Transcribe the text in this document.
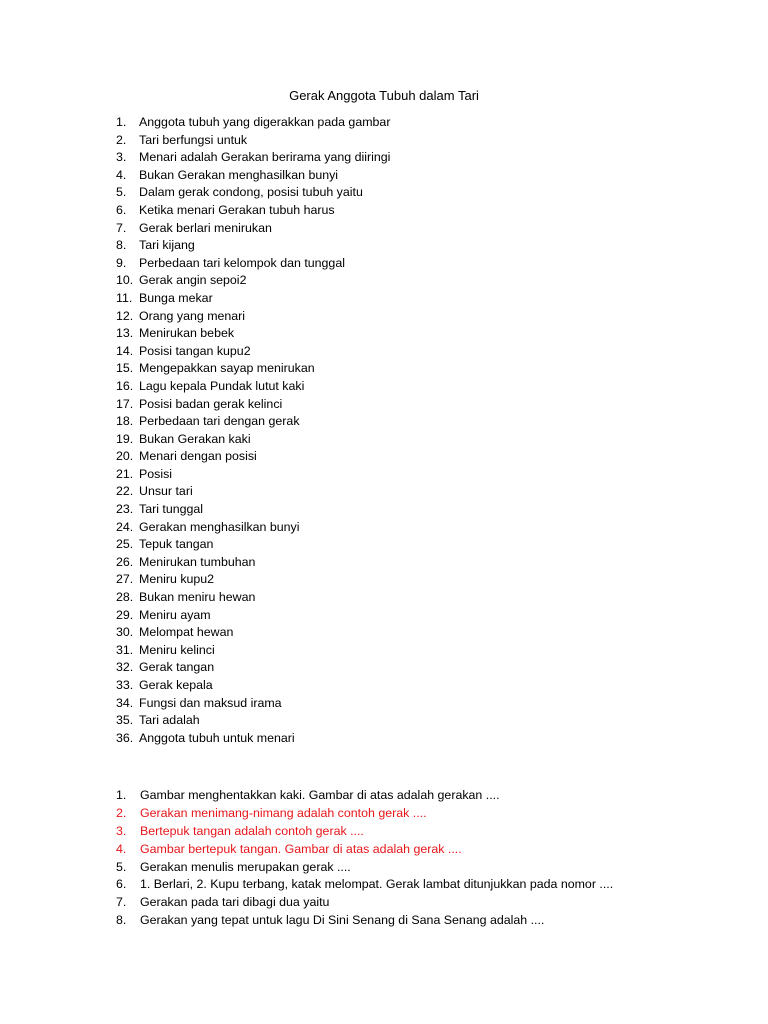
Gerak Anggota Tubuh dalam Tari
1. Anggota tubuh yang digerakkan pada gambar
2. Tari berfungsi untuk
3. Menari adalah Gerakan berirama yang diiringi
4. Bukan Gerakan menghasilkan bunyi
5. Dalam gerak condong, posisi tubuh yaitu
6. Ketika menari Gerakan tubuh harus
7. Gerak berlari menirukan
8. Tari kijang
9. Perbedaan tari kelompok dan tunggal
10. Gerak angin sepoi2
11. Bunga mekar
12. Orang yang menari
13. Menirukan bebek
14. Posisi tangan kupu2
15. Mengepakkan sayap menirukan
16. Lagu kepala Pundak lutut kaki
17. Posisi badan gerak kelinci
18. Perbedaan tari dengan gerak
19. Bukan Gerakan kaki
20. Menari dengan posisi
21. Posisi
22. Unsur tari
23. Tari tunggal
24. Gerakan menghasilkan bunyi
25. Tepuk tangan
26. Menirukan tumbuhan
27. Meniru kupu2
28. Bukan meniru hewan
29. Meniru ayam
30. Melompat hewan
31. Meniru kelinci
32. Gerak tangan
33. Gerak kepala
34. Fungsi dan maksud irama
35. Tari adalah
36. Anggota tubuh untuk menari
1. Gambar menghentakkan kaki. Gambar di atas adalah gerakan ....
2. Gerakan menimang-nimang adalah contoh gerak ....
3. Bertepuk tangan adalah contoh gerak ....
4. Gambar bertepuk tangan. Gambar di atas adalah gerak ....
5. Gerakan menulis merupakan gerak ....
6. 1. Berlari, 2. Kupu terbang, katak melompat. Gerak lambat ditunjukkan pada nomor ....
7. Gerakan pada tari dibagi dua yaitu
8. Gerakan yang tepat untuk lagu Di Sini Senang di Sana Senang adalah ....
